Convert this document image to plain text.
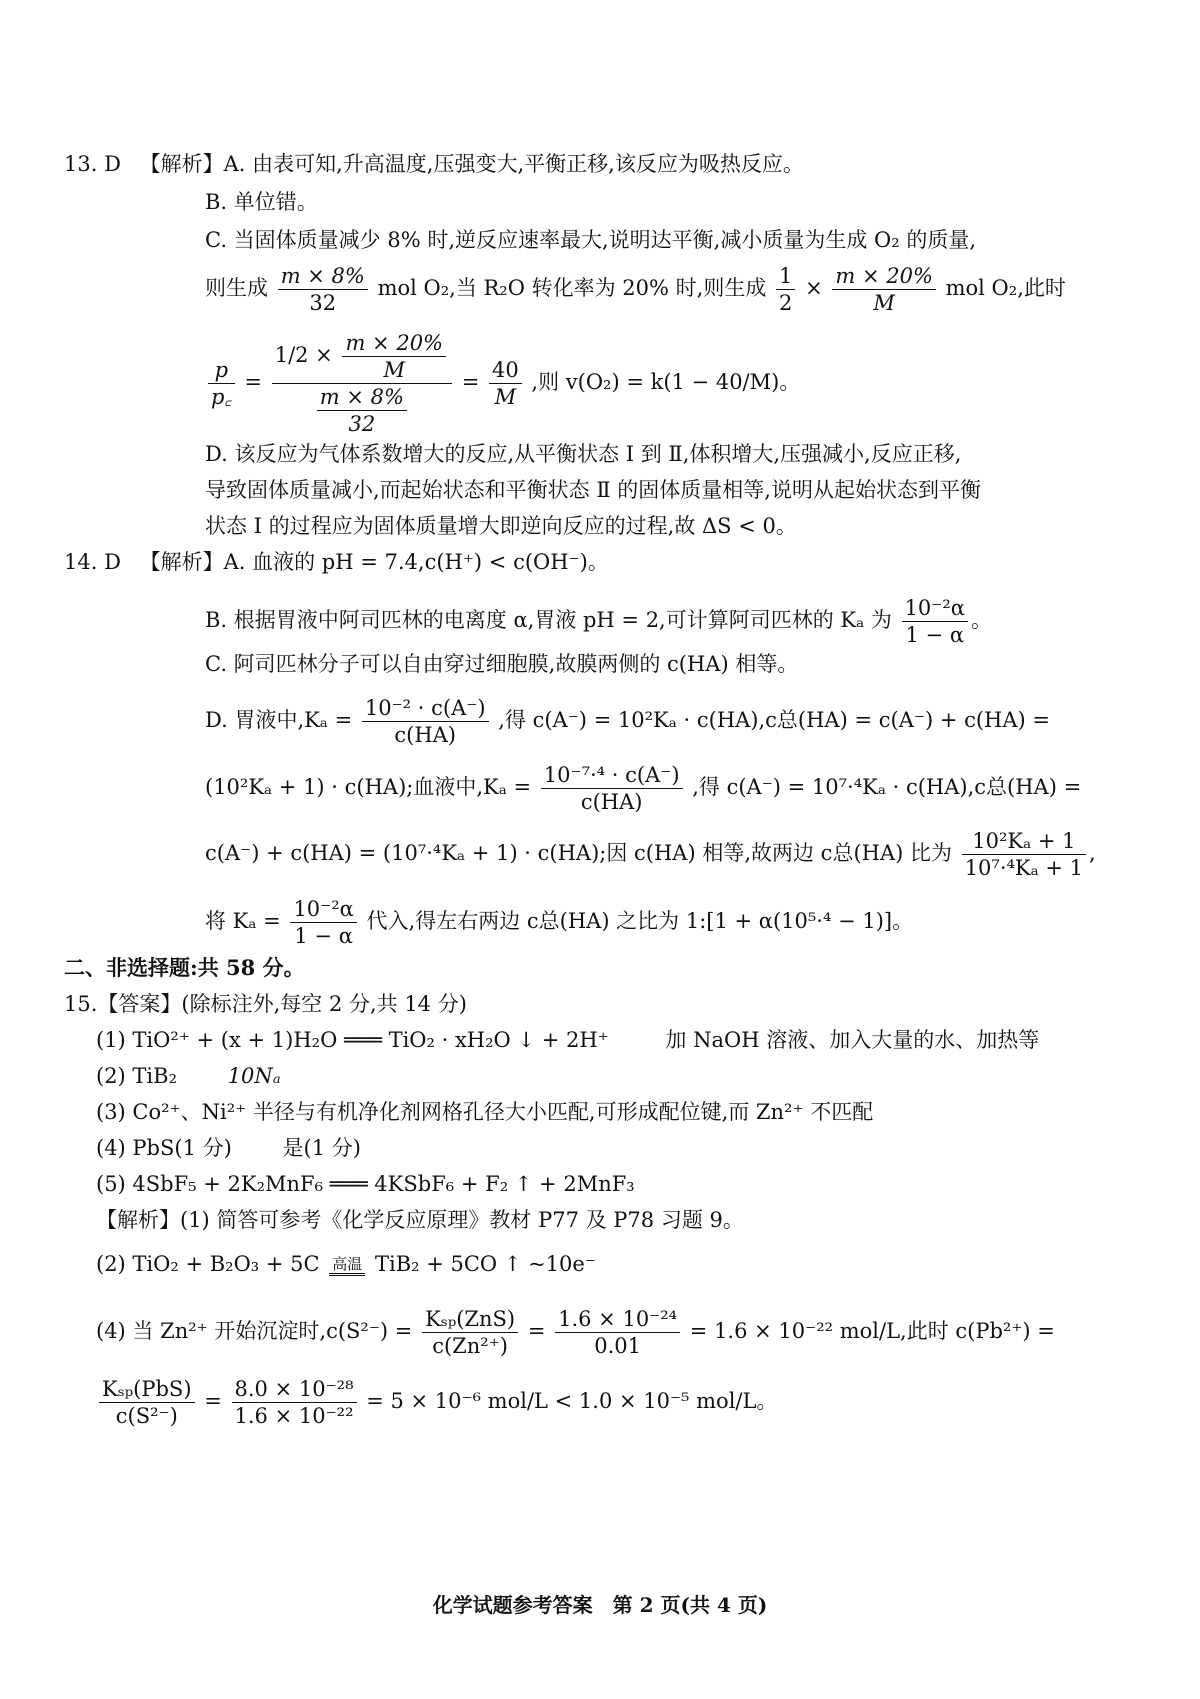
13. D 【解析】A. 由表可知,升高温度,压强变大,平衡正移,该反应为吸热反应。
B. 单位错。
C. 当固体质量减少 8% 时,逆反应速率最大,说明达平衡,减小质量为生成 O₂ 的质量,
则生成 $\frac{m \times 8\%}{32}$ mol O₂,当 R₂O 转化率为 20% 时,则生成 $\frac{1}{2} \times \frac{m \times 20\%}{M}$ mol O₂,此时
$\frac{p}{p꜀} = \frac{1/2 \times \frac{m \times 20\%}{M}}{\frac{m \times 8\%}{32}} = \frac{40}{M}$ ,则 v(O₂) = k(1 − 40/M)。
D. 该反应为气体系数增大的反应,从平衡状态 Ⅰ 到 Ⅱ,体积增大,压强减小,反应正移,
导致固体质量减小,而起始状态和平衡状态 Ⅱ 的固体质量相等,说明从起始状态到平衡
状态 Ⅰ 的过程应为固体质量增大即逆向反应的过程,故 ΔS < 0。
14. D 【解析】A. 血液的 pH = 7.4,c(H⁺) < c(OH⁻)。
B. 根据胃液中阿司匹林的电离度 α,胃液 pH = 2,可计算阿司匹林的 Kₐ 为 $\frac{\text{10⁻²α}}{1 - \alpha}$ 。
C. 阿司匹林分子可以自由穿过细胞膜,故膜两侧的 c(HA) 相等。
D. 胃液中$,K_a = \frac{\text{10⁻² · c(A⁻)}}{c(HA)}$ ,得 c(A⁻) = 10²Kₐ · c(HA),c总(HA) = c(A⁻) + c(HA) =
(10²Kₐ + 1) · c(HA);血液中$,K_a = \frac{\text{10⁻⁷·⁴ · c(A⁻)}}{c(HA)}$ ,得 c(A⁻) = 10⁷·⁴Kₐ · c(HA),c总(HA) =
c(A⁻) + c(HA) = (10⁷·⁴Kₐ + 1) · c(HA);因 c(HA) 相等,故两边 c总(HA) 比为 $\frac{\text{10²Kₐ + 1}}{\text{10⁷·⁴Kₐ + 1}}$ ,
将 $K_a = \frac{\text{10⁻²α}}{1 - \alpha}$ 代入,得左右两边 c总(HA) 之比为 1:[1 + α(10⁵·⁴ − 1)]。
二、非选择题:共 58 分。
15.【答案】(除标注外,每空 2 分,共 14 分)
(1) TiO²⁺ + (x + 1)H₂O ═══ TiO₂ · xH₂O ↓ + 2H⁺	加 NaOH 溶液、加入大量的水、加热等
(2) TiB₂ 10Nₐ
(3) Co²⁺、Ni²⁺ 半径与有机净化剂网格孔径大小匹配,可形成配位键,而 Zn²⁺ 不匹配
(4) PbS(1 分) 是(1 分)
(5) 4SbF₅ + 2K₂MnF₆ ═══ 4KSbF₆ + F₂ ↑ + 2MnF₃
【解析】(1) 简答可参考《化学反应原理》教材 P77 及 P78 习题 9。
(2) TiO₂ + B₂O₃ + 5C 高温 TiB₂ + 5CO ↑ ~10e⁻
(4) 当 Zn²⁺ 开始沉淀时$,c(S^{2-}) = \frac{\text{Kₛₚ(ZnS)}}{\text{c(Zn²⁺)}} = \frac{\text{1.6 × 10⁻²⁴}}{0.01} = 1.6 \times 10^{-22}$ mol/L,此时 c(Pb²⁺) =
$\frac{\text{Kₛₚ(PbS)}}{\text{c(S²⁻)}} = \frac{\text{8.0 × 10⁻²⁸}}{\text{1.6 × 10⁻²²}} = 5 \times 10^{-6}$ mol/L < 1.0 × 10⁻⁵ mol/L。
化学试题参考答案　第 2 页(共 4 页)
